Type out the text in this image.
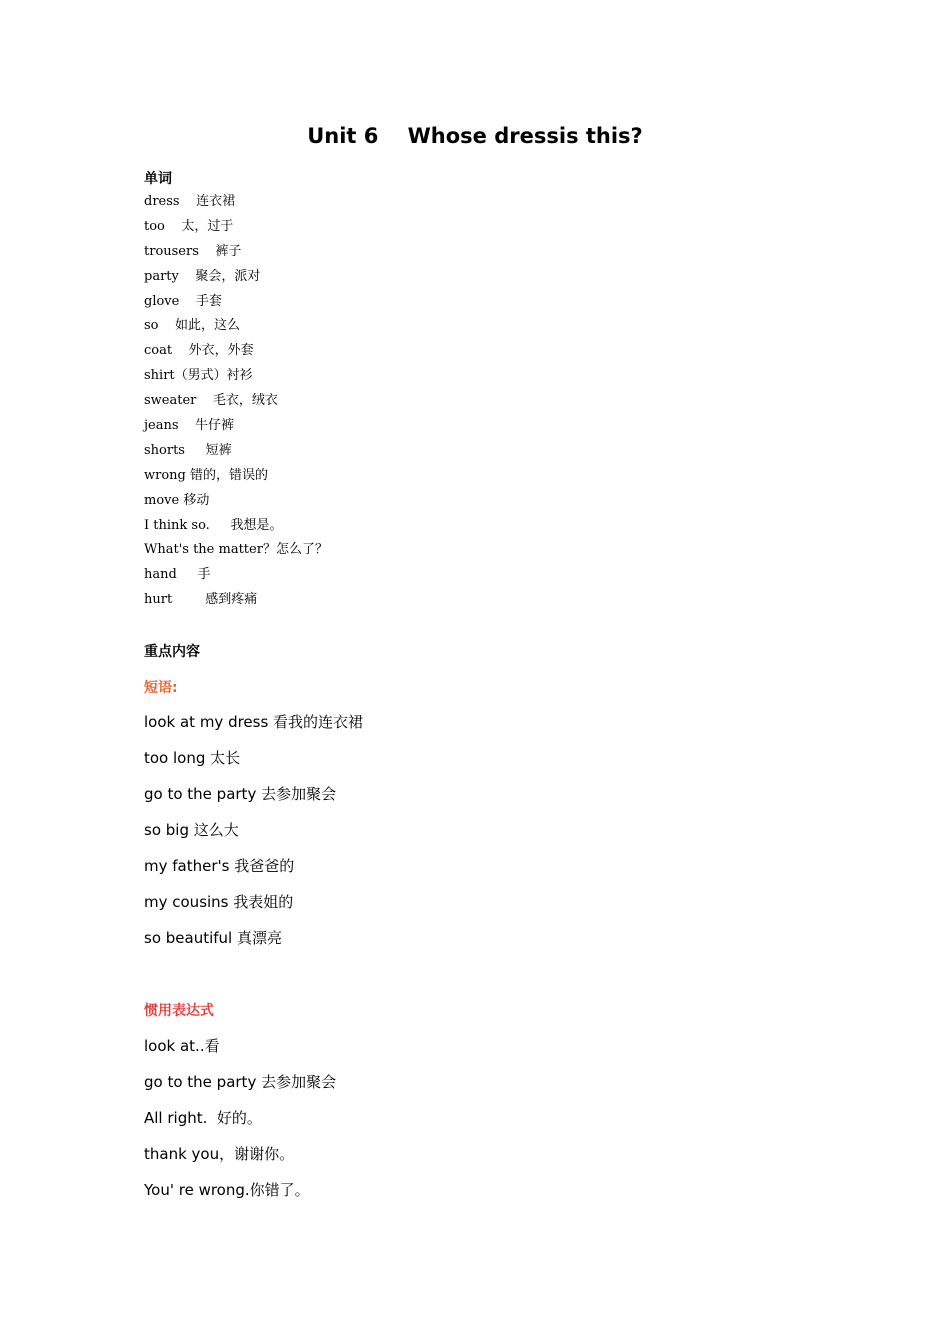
Unit 6    Whose dressis this?
单词
dress    连衣裙
too    太，过于
trousers    裤子
party    聚会，派对
glove    手套
so    如此，这么
coat    外衣，外套
shirt（男式）衬衫
sweater    毛衣，绒衣
jeans    牛仔裤
shorts     短裤
wrong 错的，错误的
move 移动
I think so.     我想是。
What's the matter？怎么了？
hand     手
hurt        感到疼痛
重点内容
短语:
look at my dress 看我的连衣裙
too long 太长
go to the party 去参加聚会
so big 这么大
my father's 我爸爸的
my cousins 我表姐的
so beautiful 真漂亮
惯用表达式
look at..看
go to the party 去参加聚会
All right.  好的。
thank you，谢谢你。
You' re wrong.你错了。
